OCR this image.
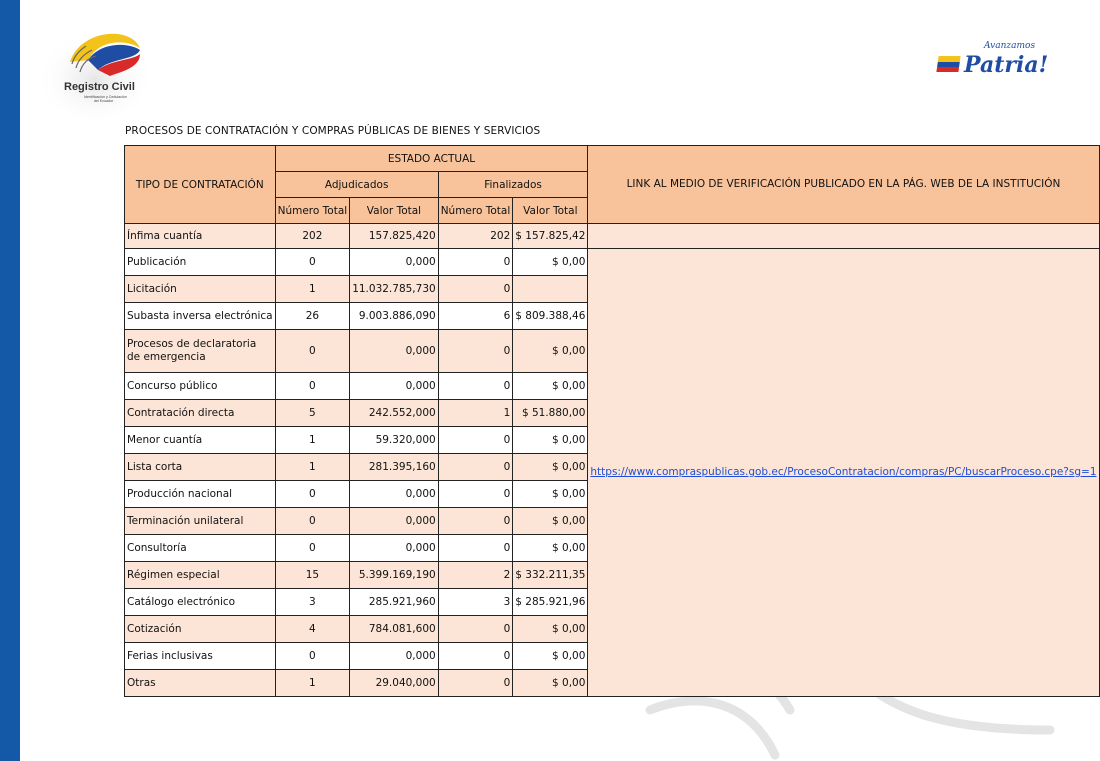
Registro Civil
Identificación y Cedulación del Ecuador
Avanzamos
Patria!
PROCESOS DE CONTRATACIÓN Y COMPRAS PÚBLICAS DE BIENES Y SERVICIOS
TIPO DE CONTRATACIÓN	ESTADO ACTUAL				LINK AL MEDIO DE VERIFICACIÓN PUBLICADO EN LA PÁG. WEB DE LA INSTITUCIÓN
	Adjudicados		Finalizados		
	Número Total	Valor Total	Número Total	Valor Total	
Ínfima cuantía	202	157.825,420	202	$ 157.825,42	
Publicación	0	0,000	0	$ 0,00	https://www.compraspublicas.gob.ec/ProcesoContratacion/compras/PC/buscarProceso.cpe?sg=1
Licitación	1	11.032.785,730	0		
Subasta inversa electrónica	26	9.003.886,090	6	$ 809.388,46	
Procesos de declaratoria de emergencia	0	0,000	0	$ 0,00	
Concurso público	0	0,000	0	$ 0,00	
Contratación directa	5	242.552,000	1	$ 51.880,00	
Menor cuantía	1	59.320,000	0	$ 0,00	
Lista corta	1	281.395,160	0	$ 0,00	
Producción nacional	0	0,000	0	$ 0,00	
Terminación unilateral	0	0,000	0	$ 0,00	
Consultoría	0	0,000	0	$ 0,00	
Régimen especial	15	5.399.169,190	2	$ 332.211,35	
Catálogo electrónico	3	285.921,960	3	$ 285.921,96	
Cotización	4	784.081,600	0	$ 0,00	
Ferias inclusivas	0	0,000	0	$ 0,00	
Otras	1	29.040,000	0	$ 0,00	
